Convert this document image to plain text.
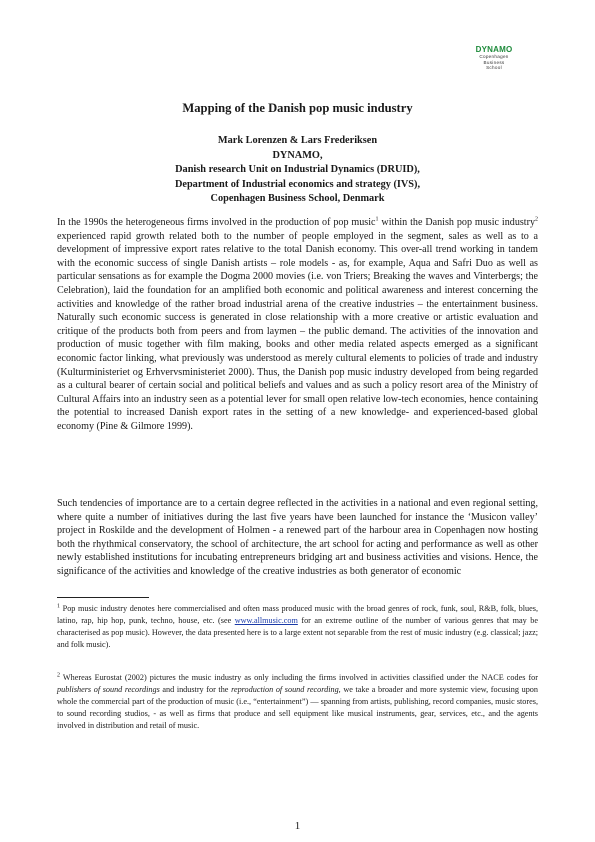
DYNAMO
Copenhagen
Business
School
Mapping of the Danish pop music industry
Mark Lorenzen & Lars Frederiksen
DYNAMO,
Danish research Unit on Industrial Dynamics (DRUID),
Department of Industrial economics and strategy (IVS),
Copenhagen Business School, Denmark
In the 1990s the heterogeneous firms involved in the production of pop music$^1$ within the Danish pop music industry$^2$ experienced rapid growth related both to the number of people employed in the segment, sales as well as to a development of impressive export rates relative to the total Danish economy. This over-all trend working in tandem with the economic success of single Danish artists – role models - as, for example, Aqua and Safri Duo as well as particular sensations as for example the Dogma 2000 movies (i.e. von Triers; Breaking the waves and Vinterbergs; the Celebration), laid the foundation for an amplified both economic and political awareness and interest concerning the activities and knowledge of the rather broad industrial arena of the creative industries – the entertainment business. Naturally such economic success is generated in close relationship with a more creative or artistic evaluation and critique of the products both from peers and from laymen – the public demand. The activities of the innovation and production of music together with film making, books and other media related aspects emerged as a significant economic factor linking, what previously was understood as merely cultural elements to policies of trade and industry (Kulturministeriet og Erhvervsministeriet 2000). Thus, the Danish pop music industry developed from being regarded as a cultural bearer of certain social and political beliefs and values and as such a policy resort area of the Ministry of Cultural Affairs into an industry seen as a potential lever for small open relative low-tech economies, hence containing the potential to increased Danish export rates in the setting of a new knowledge- and experienced-based global economy (Pine & Gilmore 1999).
Such tendencies of importance are to a certain degree reflected in the activities in a national and even regional setting, where quite a number of initiatives during the last five years have been launched for instance the ‘Musicon valley’ project in Roskilde and the development of Holmen - a renewed part of the harbour area in Copenhagen now hosting both the rhythmical conservatory, the school of architecture, the art school for acting and performance as well as other newly established institutions for incubating entrepreneurs bridging art and business activities and visions. Hence, the significance of the activities and knowledge of the creative industries as both generator of economic
$^1$ Pop music industry denotes here commercialised and often mass produced music with the broad genres of rock, funk, soul, R&B, folk, blues, latino, rap, hip hop, punk, techno, house, etc. (see www.allmusic.com for an extreme outline of the number of various genres that may be characterised as pop music). However, the data presented here is to a large extent not separable from the rest of music industry (e.g. classical; jazz; and folk music).
$^2$ Whereas Eurostat (2002) pictures the music industry as only including the firms involved in activities classified under the NACE codes for publishers of sound recordings and industry for the reproduction of sound recording, we take a broader and more systemic view, focusing upon whole the commercial part of the production of music (i.e., “entertainment”) — spanning from artists, publishing, record companies, music stores, to sound recording studios, - as well as firms that produce and sell equipment like musical instruments, gear, services, etc., and the agents involved in distribution and retail of music.
1
